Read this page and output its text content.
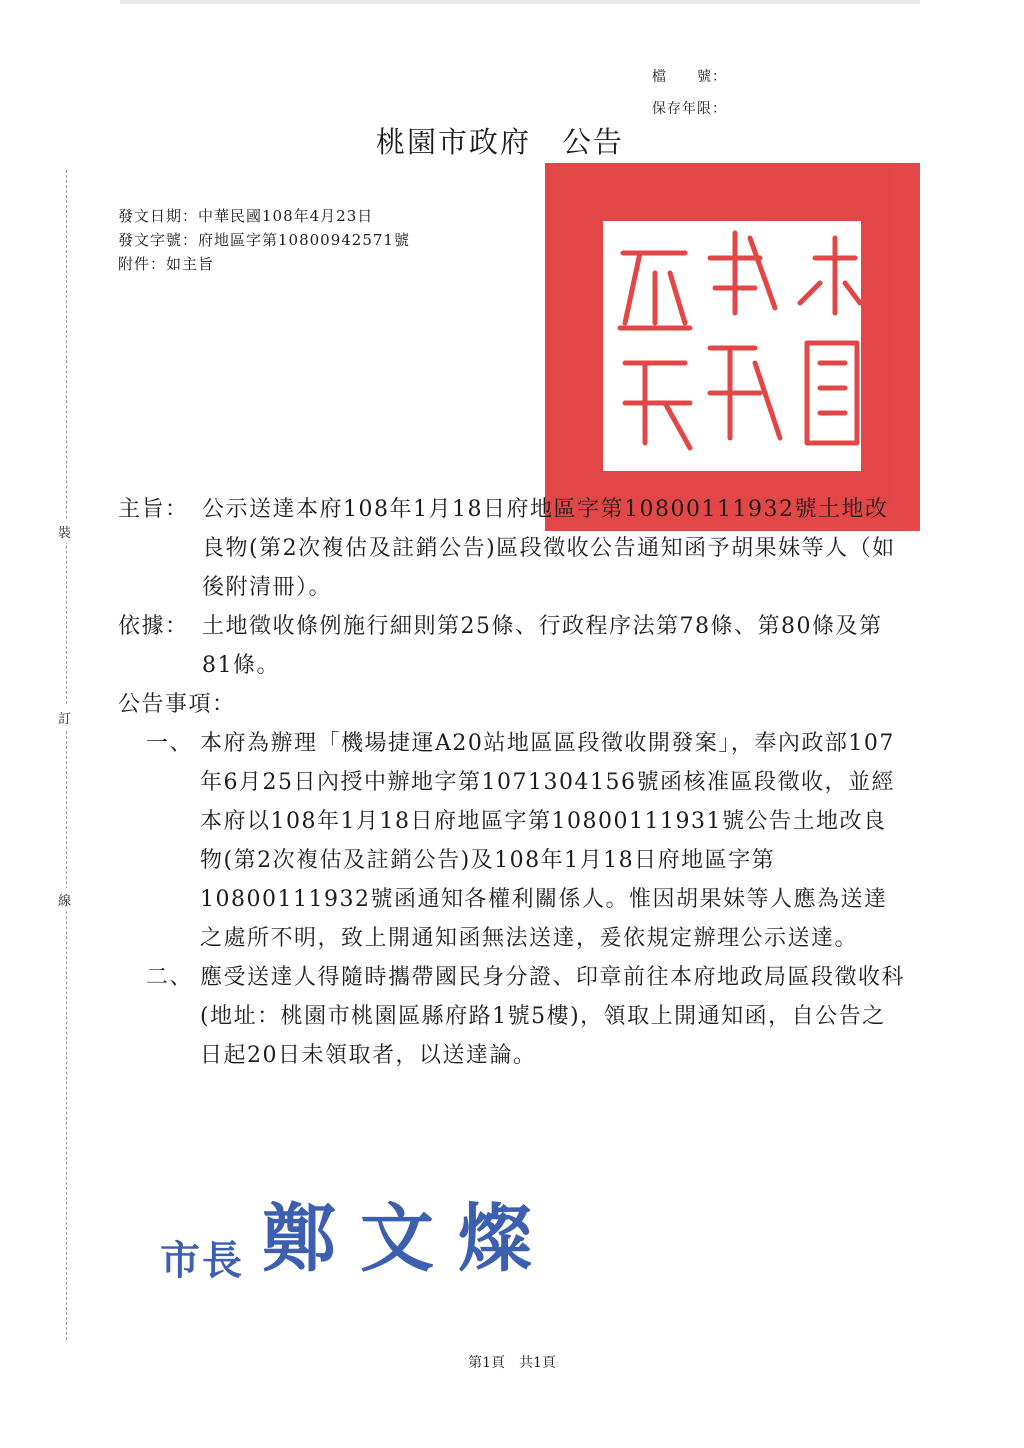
檔　　號：
保存年限：
桃園市政府　公告
裝
訂
線
發文日期：中華民國108年4月23日
發文字號：府地區字第10800942571號
附件：如主旨
主旨： 公示送達本府108年1月18日府地區字第10800111932號土地改良物(第2次複估及註銷公告)區段徵收公告通知函予胡果妹等人（如後附清冊）。
依據： 土地徵收條例施行細則第25條、行政程序法第78條、第80條及第81條。
公告事項：
一、 本府為辦理「機場捷運A20站地區區段徵收開發案」，奉內政部107年6月25日內授中辦地字第1071304156號函核准區段徵收，並經本府以108年1月18日府地區字第10800111931號公告土地改良物(第2次複估及註銷公告)及108年1月18日府地區字第10800111932號函通知各權利關係人。惟因胡果妹等人應為送達之處所不明，致上開通知函無法送達，爰依規定辦理公示送達。
二、 應受送達人得隨時攜帶國民身分證、印章前往本府地政局區段徵收科(地址：桃園市桃園區縣府路1號5樓)，領取上開通知函，自公告之日起20日未領取者，以送達論。
市長 鄭文燦
第1頁　共1頁
